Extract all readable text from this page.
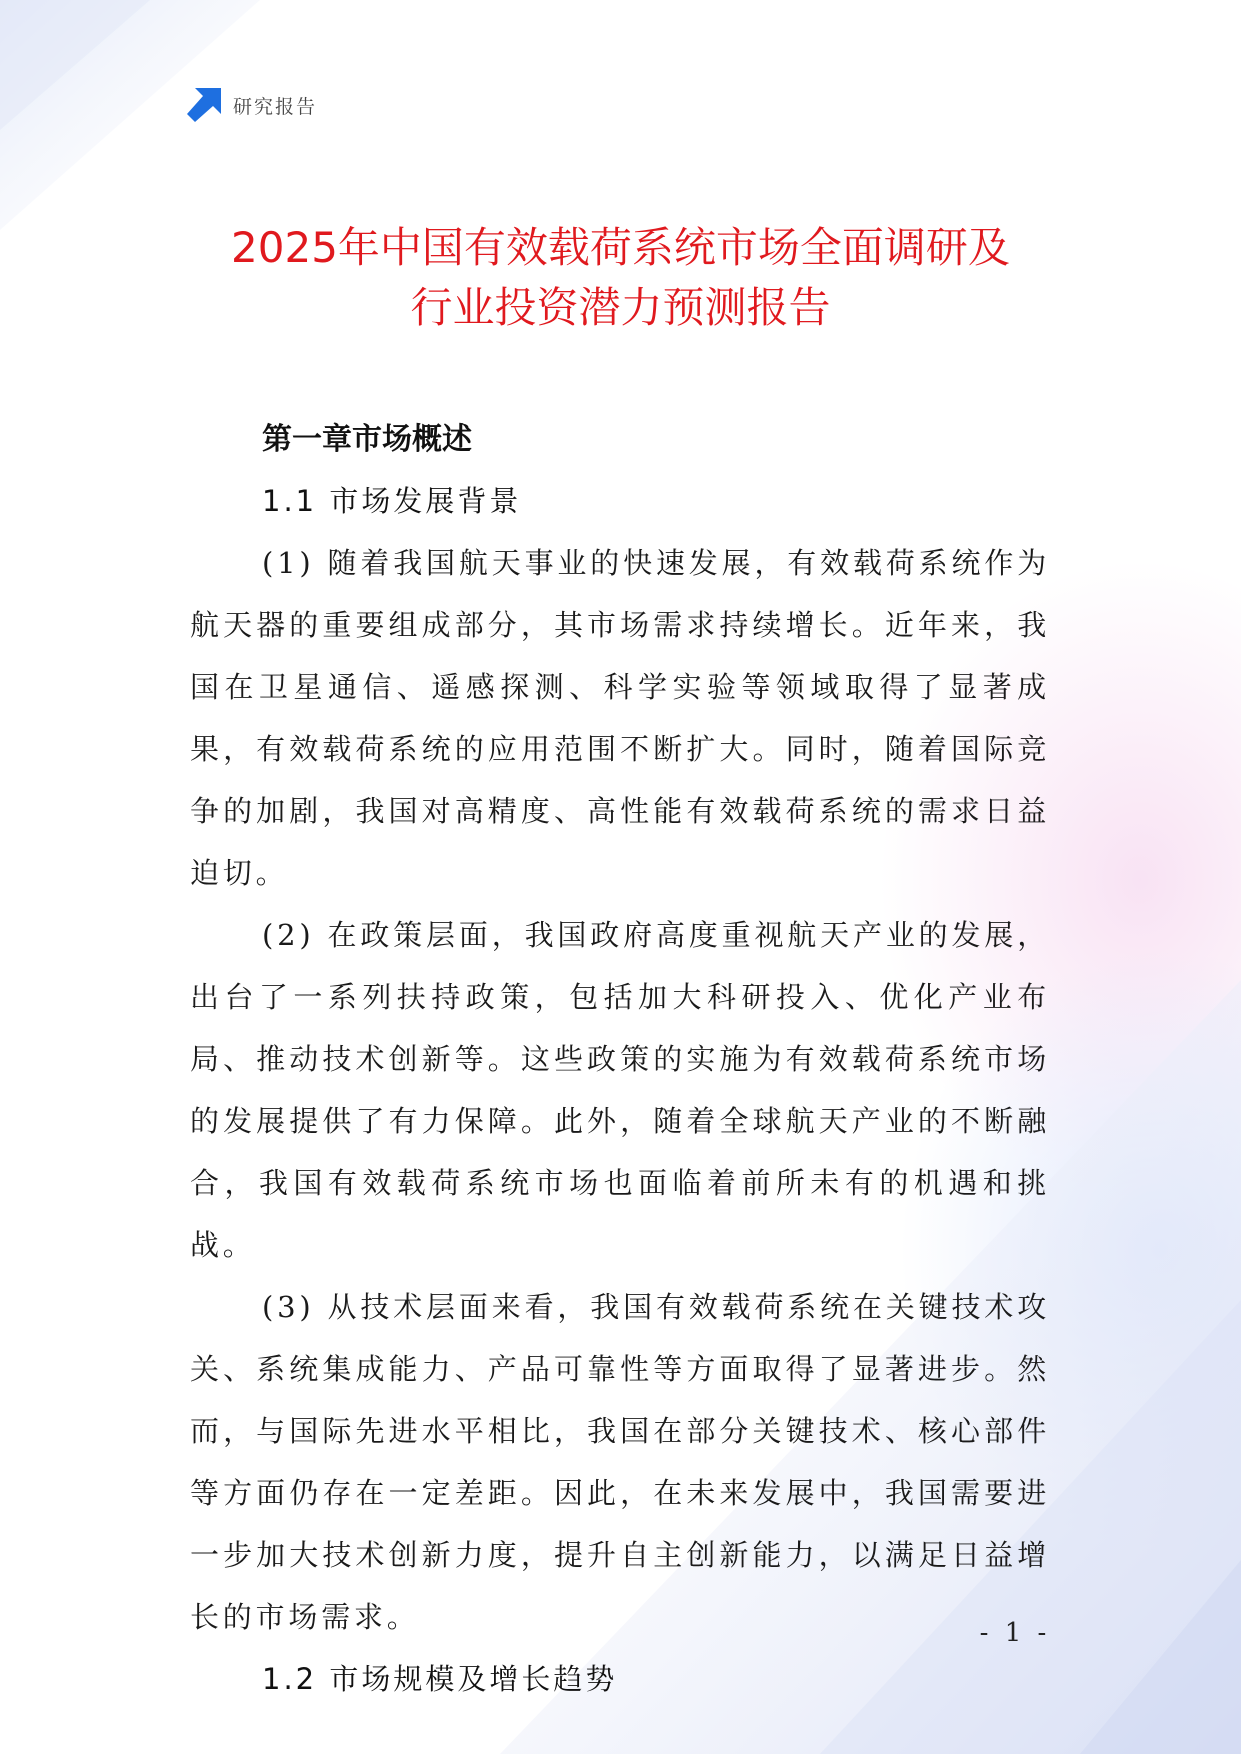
研究报告
2025年中国有效载荷系统市场全面调研及
行业投资潜力预测报告
第一章市场概述
1.1 市场发展背景

(1) 随着我国航天事业的快速发展，有效载荷系统作为航天器的重要组成部分，其市场需求持续增长。近年来，我国在卫星通信、遥感探测、科学实验等领域取得了显著成果，有效载荷系统的应用范围不断扩大。同时，随着国际竞争的加剧，我国对高精度、高性能有效载荷系统的需求日益迫切。

(2) 在政策层面，我国政府高度重视航天产业的发展，出台了一系列扶持政策，包括加大科研投入、优化产业布局、推动技术创新等。这些政策的实施为有效载荷系统市场的发展提供了有力保障。此外，随着全球航天产业的不断融合，我国有效载荷系统市场也面临着前所未有的机遇和挑战。

(3) 从技术层面来看，我国有效载荷系统在关键技术攻关、系统集成能力、产品可靠性等方面取得了显著进步。然而，与国际先进水平相比，我国在部分关键技术、核心部件等方面仍存在一定差距。因此，在未来发展中，我国需要进一步加大技术创新力度，提升自主创新能力，以满足日益增长的市场需求。

1.2 市场规模及增长趋势
- 1 -
